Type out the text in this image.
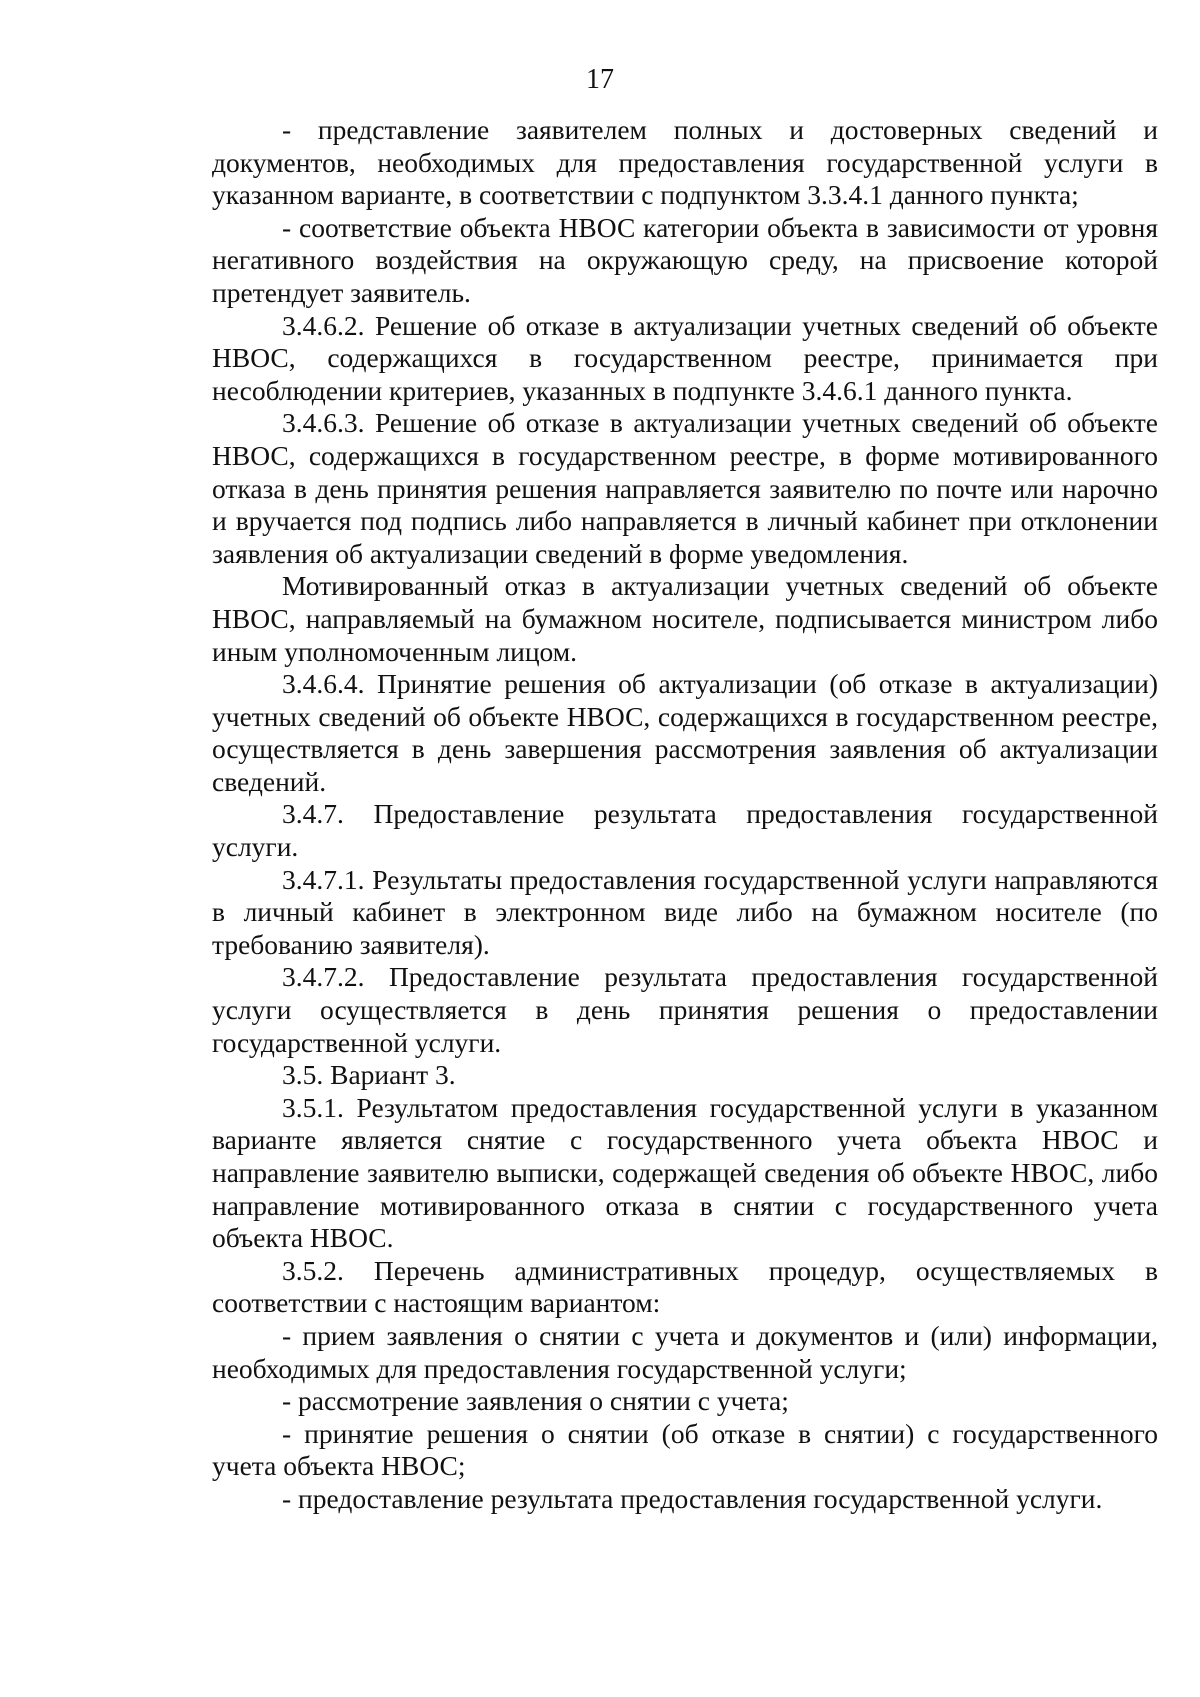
17

- представление заявителем полных и достоверных сведений и документов, необходимых для предоставления государственной услуги в указанном варианте, в соответствии с подпунктом 3.3.4.1 данного пункта;

- соответствие объекта НВОС категории объекта в зависимости от уровня негативного воздействия на окружающую среду, на присвоение которой претендует заявитель.

3.4.6.2. Решение об отказе в актуализации учетных сведений об объекте НВОС, содержащихся в государственном реестре, принимается при несоблюдении критериев, указанных в подпункте 3.4.6.1 данного пункта.

3.4.6.3. Решение об отказе в актуализации учетных сведений об объекте НВОС, содержащихся в государственном реестре, в форме мотивированного отказа в день принятия решения направляется заявителю по почте или нарочно и вручается под подпись либо направляется в личный кабинет при отклонении заявления об актуализации сведений в форме уведомления.

Мотивированный отказ в актуализации учетных сведений об объекте НВОС, направляемый на бумажном носителе, подписывается министром либо иным уполномоченным лицом.

3.4.6.4. Принятие решения об актуализации (об отказе в актуализации) учетных сведений об объекте НВОС, содержащихся в государственном реестре, осуществляется в день завершения рассмотрения заявления об актуализации сведений.

3.4.7. Предоставление результата предоставления государственной услуги.

3.4.7.1. Результаты предоставления государственной услуги направляются в личный кабинет в электронном виде либо на бумажном носителе (по требованию заявителя).

3.4.7.2. Предоставление результата предоставления государственной услуги осуществляется в день принятия решения о предоставлении государственной услуги.

3.5. Вариант 3.

3.5.1. Результатом предоставления государственной услуги в указанном варианте является снятие с государственного учета объекта НВОС и направление заявителю выписки, содержащей сведения об объекте НВОС, либо направление мотивированного отказа в снятии с государственного учета объекта НВОС.

3.5.2. Перечень административных процедур, осуществляемых в соответствии с настоящим вариантом:

- прием заявления о снятии с учета и документов и (или) информации, необходимых для предоставления государственной услуги;

- рассмотрение заявления о снятии с учета;

- принятие решения о снятии (об отказе в снятии) с государственного учета объекта НВОС;

- предоставление результата предоставления государственной услуги.
